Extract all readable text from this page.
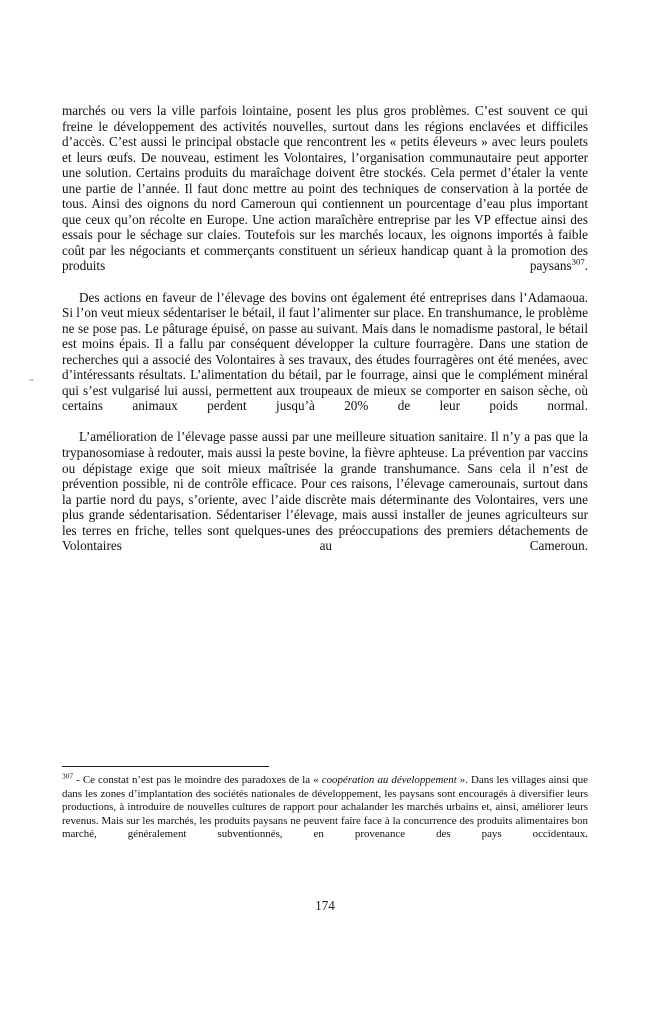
marchés ou vers la ville parfois lointaine, posent les plus gros problèmes. C’est souvent ce qui freine le développement des activités nouvelles, surtout dans les régions enclavées et difficiles d’accès. C’est aussi le principal obstacle que rencontrent les « petits éleveurs » avec leurs poulets et leurs œufs. De nouveau, estiment les Volontaires, l’organisation communautaire peut apporter une solution. Certains produits du maraîchage doivent être stockés. Cela permet d’étaler la vente une partie de l’année. Il faut donc mettre au point des techniques de conservation à la portée de tous. Ainsi des oignons du nord Cameroun qui contiennent un pourcentage d’eau plus important que ceux qu’on récolte en Europe. Une action maraîchère entreprise par les VP effectue ainsi des essais pour le séchage sur claies. Toutefois sur les marchés locaux, les oignons importés à faible coût par les négociants et commerçants constituent un sérieux handicap quant à la promotion des produits paysans$^{307}$.

Des actions en faveur de l’élevage des bovins ont également été entreprises dans l’Adamaoua. Si l’on veut mieux sédentariser le bétail, il faut l’alimenter sur place. En transhumance, le problème ne se pose pas. Le pâturage épuisé, on passe au suivant. Mais dans le nomadisme pastoral, le bétail est moins épais. Il a fallu par conséquent développer la culture fourragère. Dans une station de recherches qui a associé des Volontaires à ses travaux, des études fourragères ont été menées, avec d’intéressants résultats. L’alimentation du bétail, par le fourrage, ainsi que le complément minéral qui s’est vulgarisé lui aussi, permettent aux troupeaux de mieux se comporter en saison sèche, où certains animaux perdent jusqu’à 20% de leur poids normal.

L’amélioration de l’élevage passe aussi par une meilleure situation sanitaire. Il n’y a pas que la trypanosomiase à redouter, mais aussi la peste bovine, la fièvre aphteuse. La prévention par vaccins ou dépistage exige que soit mieux maîtrisée la grande transhumance. Sans cela il n’est de prévention possible, ni de contrôle efficace. Pour ces raisons, l’élevage camerounais, surtout dans la partie nord du pays, s’oriente, avec l’aide discrète mais déterminante des Volontaires, vers une plus grande sédentarisation. Sédentariser l’élevage, mais aussi installer de jeunes agriculteurs sur les terres en friche, telles sont quelques-unes des préoccupations des premiers détachements de Volontaires au Cameroun.

$^{307}$ - Ce constat n’est pas le moindre des paradoxes de la « coopération au développement ». Dans les villages ainsi que dans les zones d’implantation des sociétés nationales de développement, les paysans sont encouragés à diversifier leurs productions, à introduire de nouvelles cultures de rapport pour achalander les marchés urbains et, ainsi, améliorer leurs revenus. Mais sur les marchés, les produits paysans ne peuvent faire face à la concurrence des produits alimentaires bon marché, généralement subventionnés, en provenance des pays occidentaux.

174
